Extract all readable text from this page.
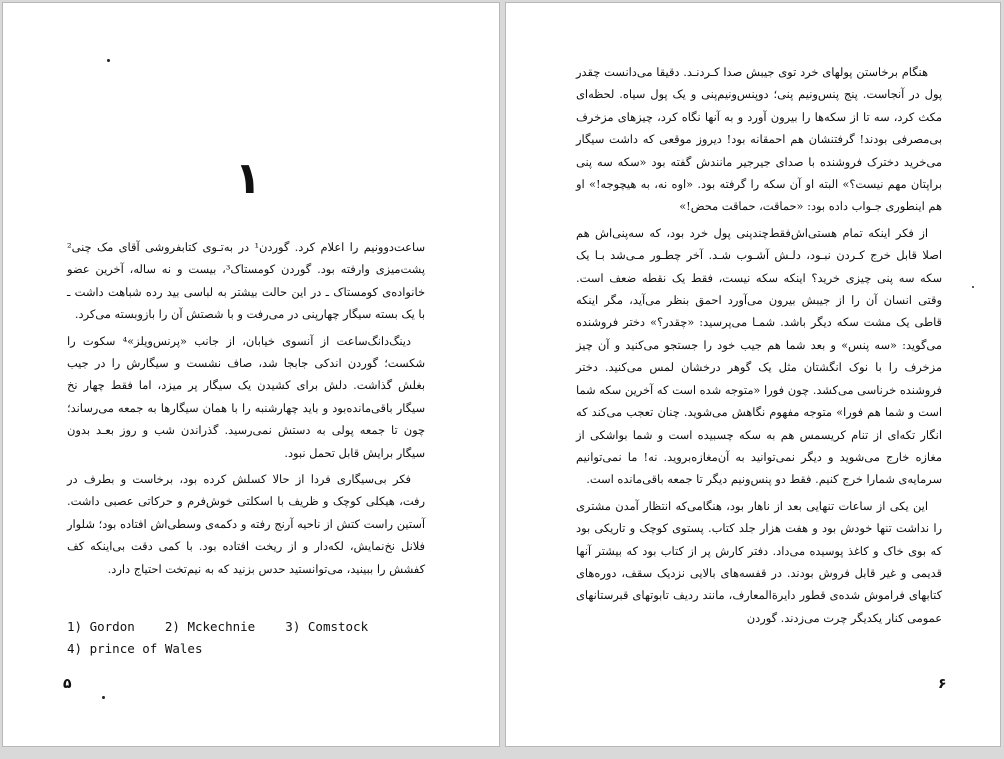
۱

ساعت‌دوونیم را اعلام کرد. گوردن¹ در به‌تـوی کتابفروشی آقای مک چنی² پشت‌میزی وارفته بود. گوردن کومستاک³، بیست و نه ساله، آخرین عضو خانواده‌ی کومستاک ـ در این حالت بیشتر به لباسی بید رده شباهت داشت ـ با یک بسته سیگار چهارپنی در می‌رفت و با شصتش آن را بازوبسته می‌کرد.

دینگ‌دانگ‌ساعت از آنسوی خیابان، از جانب «پرنس‌ویلز»⁴ سکوت را شکست؛ گوردن اندکی جابجا شد، صاف نشست و سیگارش را در جیب بغلش گذاشت. دلش برای کشیدن یک سیگار پر میزد، اما فقط چهار نخ سیگار باقی‌مانده‌بود و باید چهارشنبه را با همان سیگارها به جمعه می‌رساند؛ چون تا جمعه پولی به دستش نمی‌رسید. گذراندن شب و روز بعـد بدون سیگار برایش قابل تحمل نبود.

فکر بی‌سیگاری فردا از حالا کسلش کرده بود، برخاست و بطرف در رفت، هیکلی کوچک و ظریف با اسکلتی خوش‌فرم و حرکاتی عصبی داشت. آستین راست کتش از ناحیه آرنج رفته و دکمه‌ی وسطی‌اش افتاده بود؛ شلوار فلانل نخ‌نمایش، لکه‌دار و از ریخت افتاده بود. با کمی دقت بی‌اینکه کف کفشش را ببینید، می‌توانستید حدس بزنید که به نیم‌تخت احتیاج دارد.

1) Gordon 2) Mckechnie 3) Comstock
4) prince of Wales
۵

هنگام برخاستن پولهای خرد توی جیبش صدا کـردنـد. دقیقا می‌دانست چقدر پول در آنجاست. پنج پنس‌ونیم پنی؛ دوپنس‌ونیم‌پنی و یک پول سیاه. لحظه‌ای مکث کرد، سه تا از سکه‌ها را بیرون آورد و به آنها نگاه کرد، چیزهای مزخرف بی‌مصرفی بودند! گرفتنشان هم احمقانه بود! دیروز موقعی که داشت سیگار می‌خرید دخترک فروشنده با صدای جیرجیر مانندش گفته بود «سکه سه پنی براپتان مهم نیست؟» البته او آن سکه را گرفته بود. «اوه نه، به هیچوجه!» او هم اینطوری جـواب داده بود: «حماقت، حماقت محض!»

از فکر اینکه تمام هستی‌اش‌فقط‌چند‌پنی پول خرد بود، که سه‌پنی‌اش هم اصلا قابل خرج کـردن نبـود، دلـش آشـوب شـد. آخر چطـور مـی‌شد بـا یک سکه سه پنی چیزی خرید؟ اینکه سکه نیست، فقط یک نقطه ضعف است. وقتی انسان آن را از جیبش بیرون می‌آورد احمق بنظر می‌آید، مگر اینکه قاطی یک مشت سکه دیگر باشد. شمـا می‌پرسید: «چقدر؟» دختر فروشنده می‌گوید: «سه پنس» و بعد شما هم جیب خود را جستجو می‌کنید و آن چیز مزخرف را با نوک انگشتان مثل یک گوهر درخشان لمس می‌کنید. دختر فروشنده خرناسی می‌کشد. چون فورا «متوجه شده است که آخرین سکه شما است و شما هم فورا» متوجه مفهوم نگاهش می‌شوید. چنان تعجب می‌کند که انگار تکه‌ای از تنام کریسمس هم به سکه چسبیده است و شما بواشکی از مغازه خارج می‌شوید و دیگر نمی‌توانید به آن‌مغازه‌بروید. نه! ما نمی‌توانیم سرمایه‌ی شمارا خرج کنیم. فقط دو پنس‌ونیم دیگر تا جمعه باقی‌مانده است.

این یکی از ساعات تنهایی بعد از ناهار بود، هنگامی‌که انتظار آمدن مشتری را نداشت تنها خودش بود و هفت هزار جلد کتاب. پستوی کوچک و تاریکی بود که بوی خاک و کاغذ پوسیده می‌داد. دفتر کارش پر از کتاب بود که بیشتر آنها قدیمی و غیر قابل فروش بودند. در قفسه‌های بالایی نزدیک سقف، دوره‌های کتابهای فراموش شده‌ی قطور دایرةالمعارف، مانند ردیف تابوتهای قبرستانهای عمومی کنار یکدیگر چرت می‌زدند. گوردن

۶
